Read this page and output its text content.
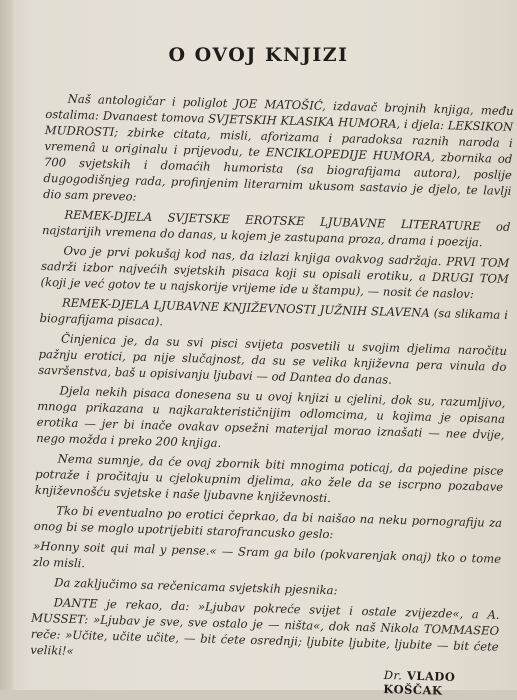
O OVOJ KNJIZI

Naš antologičar i poliglot JOE MATOŠIĆ, izdavač brojnih knjiga, među ostalima: Dvanaest tomova SVJETSKIH KLASIKA HUMORA, i djela: LEKSIKON MUDROSTI; zbirke citata, misli, aforizama i paradoksa raznih naroda i vremenâ u originalu i prijevodu, te ENCIKLOPEDIJE HUMORA, zbornika od 700 svjetskih i domaćih humorista (sa biografijama autora), poslije dugogodišnjeg rada, profinjenim literarnim ukusom sastavio je djelo, te lavlji dio sam preveo:

REMEK-DJELA SVJETSKE EROTSKE LJUBAVNE LITERATURE od najstarijih vremena do danas, u kojem je zastupana proza, drama i poezija.

Ovo je prvi pokušaj kod nas, da izlazi knjiga ovakvog sadržaja. PRVI TOM sadrži izbor najvećih svjetskih pisaca koji su opisali erotiku, a DRUGI TOM (koji je već gotov te u najskorije vrijeme ide u štampu), — nosit će naslov:

REMEK-DJELA LJUBAVNE KNJIŽEVNOSTI JUŽNIH SLAVENA (sa slikama i biografijama pisaca).

Činjenica je, da su svi pisci svijeta posvetili u svojim djelima naročitu pažnju erotici, pa nije slučajnost, da su se velika književna pera vinula do savršenstva, baš u opisivanju ljubavi — od Dantea do danas.

Djela nekih pisaca donesena su u ovoj knjizi u cjelini, dok su, razumljivo, mnoga prikazana u najkarakterističnijim odlomcima, u kojima je opisana erotika — jer bi inače ovakav opsežni materijal morao iznašati — nee dvije, nego možda i preko 200 knjiga.

Nema sumnje, da će ovaj zbornik biti mnogima poticaj, da pojedine pisce potraže i pročitaju u cjelokupnim djelima, ako žele da se iscrpno pozabave književnošću svjetske i naše ljubavne književnosti.

Tko bi eventualno po erotici čeprkao, da bi naišao na neku pornografiju za onog bi se moglo upotrijebiti starofrancusko geslo:

»Honny soit qui mal y pense.« — Sram ga bilo (pokvarenjak onaj) tko o tome zlo misli.

Da zaključimo sa rečenicama svjetskih pjesnika:

DANTE je rekao, da: »Ljubav pokreće svijet i ostale zvijezde«, a A. MUSSET: »Ljubav je sve, sve ostalo je — ništa«, dok naš Nikola TOMMASEO reče: »Učite, učite učite, — bit ćete osrednji; ljubite ljubite, ljubite — bit ćete veliki!«

Dr. VLADO KOŠČAK
